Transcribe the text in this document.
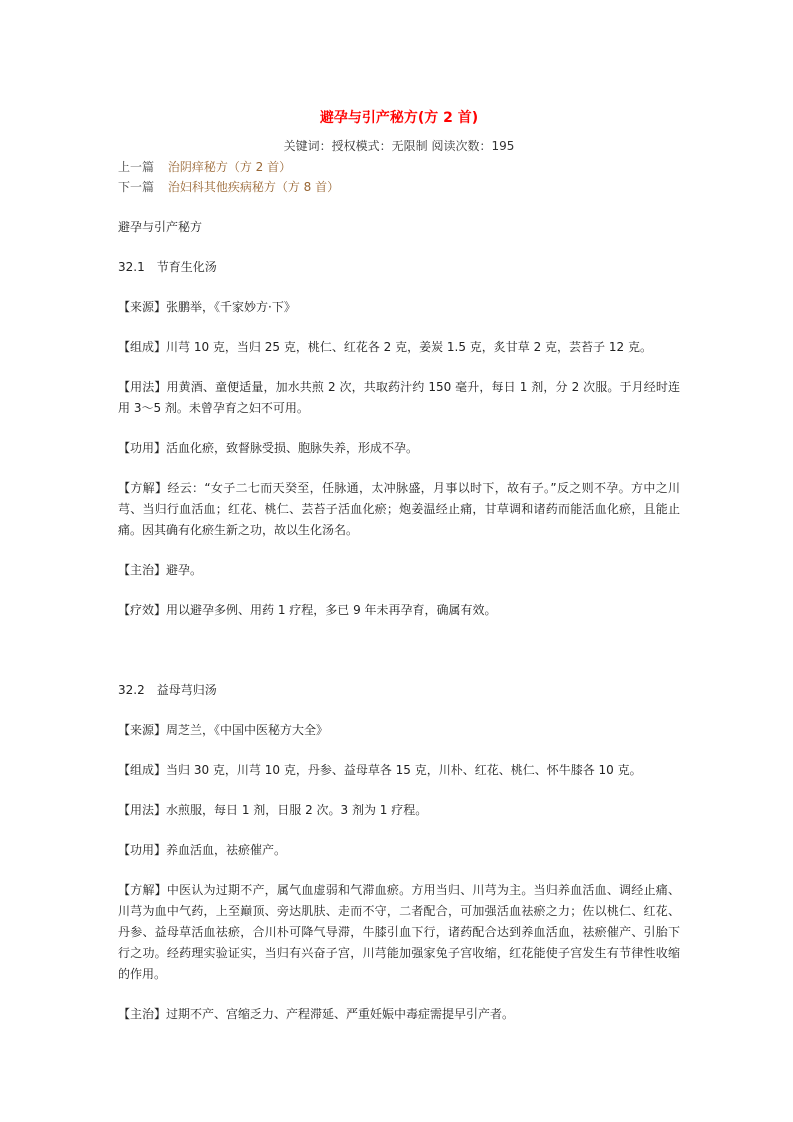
避孕与引产秘方(方 2 首)
关键词：授权模式：无限制 阅读次数：195
上一篇 治阴痒秘方（方 2 首）
下一篇 治妇科其他疾病秘方（方 8 首）
避孕与引产秘方
32.1　节育生化汤
【来源】张鹏举，《千家妙方·下》
【组成】川芎 10 克，当归 25 克，桃仁、红花各 2 克，姜炭 1.5 克，炙甘草 2 克，芸苔子 12 克。
【用法】用黄酒、童便适量，加水共煎 2 次，共取药汁约 150 毫升，每日 1 剂，分 2 次服。于月经时连用 3～5 剂。未曾孕育之妇不可用。
【功用】活血化瘀，致督脉受损、胞脉失养，形成不孕。
【方解】经云：“女子二七而天癸至，任脉通，太冲脉盛，月事以时下，故有子。”反之则不孕。方中之川芎、当归行血活血；红花、桃仁、芸苔子活血化瘀；炮姜温经止痛，甘草调和诸药而能活血化瘀，且能止痛。因其确有化瘀生新之功，故以生化汤名。
【主治】避孕。
【疗效】用以避孕多例、用药 1 疗程，多已 9 年未再孕育，确属有效。
32.2　益母芎归汤
【来源】周芝兰，《中国中医秘方大全》
【组成】当归 30 克，川芎 10 克，丹参、益母草各 15 克，川朴、红花、桃仁、怀牛膝各 10 克。
【用法】水煎服，每日 1 剂，日服 2 次。3 剂为 1 疗程。
【功用】养血活血，祛瘀催产。
【方解】中医认为过期不产，属气血虚弱和气滞血瘀。方用当归、川芎为主。当归养血活血、调经止痛、川芎为血中气药，上至巅顶、旁达肌肤、走而不守，二者配合，可加强活血祛瘀之力；佐以桃仁、红花、丹参、益母草活血祛瘀，合川朴可降气导滞，牛膝引血下行，诸药配合达到养血活血，祛瘀催产、引胎下行之功。经药理实验证实，当归有兴奋子宫，川芎能加强家兔子宫收缩，红花能使子宫发生有节律性收缩的作用。
【主治】过期不产、宫缩乏力、产程滞延、严重妊娠中毒症需提早引产者。
